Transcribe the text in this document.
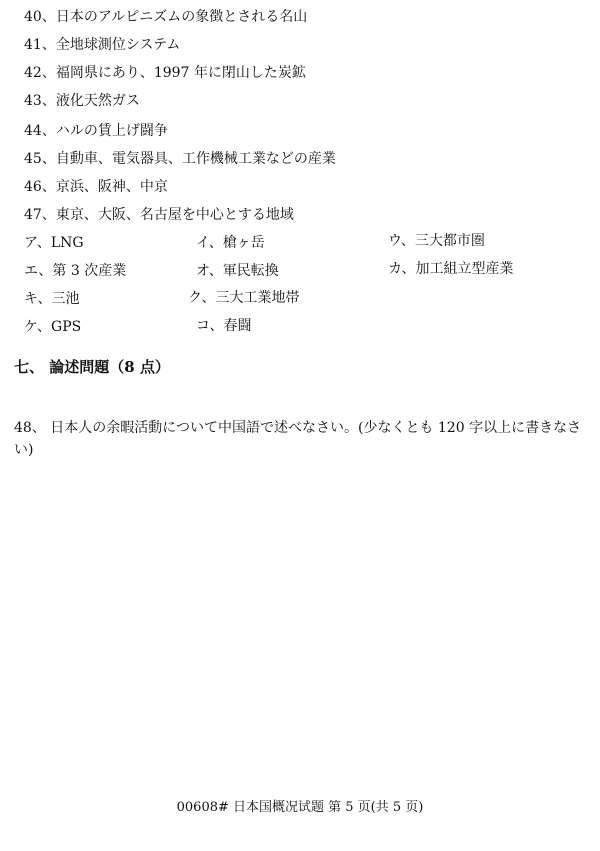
40、日本のアルピニズムの象徴とされる名山
41、全地球測位システム
42、福岡県にあり、1997 年に閉山した炭鉱
43、液化天然ガス
44、ハルの賃上げ闘争
45、自動車、電気器具、工作機械工業などの産業
46、京浜、阪神、中京
47、東京、大阪、名古屋を中心とする地域
ア、LNG	イ、槍ヶ岳	ウ、三大都市圏
エ、第 3 次産業	オ、軍民転換	カ、加工組立型産業
キ、三池	ク、三大工業地帯
ケ、GPS	コ、春闘
七、 論述問題（8 点）
48、 日本人の余暇活動について中国語で述べなさい。(少なくとも 120 字以上に書きなさい)
00608# 日本国概况试题 第 5 页(共 5 页)
